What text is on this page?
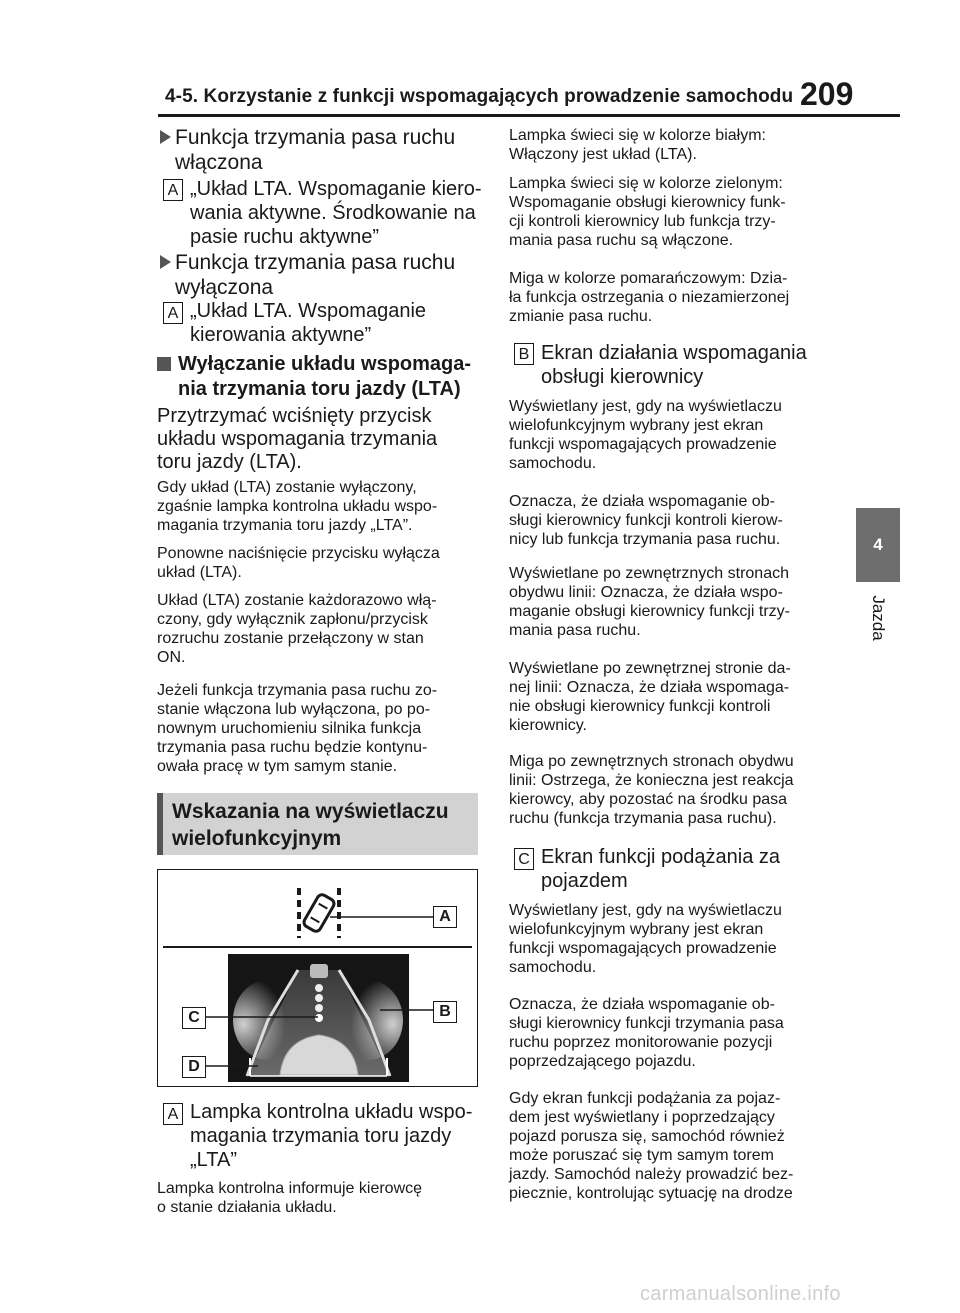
4-5. Korzystanie z funkcji wspomagających prowadzenie samochodu 209
4
Jazda
Funkcja trzymania pasa ruchu
włączona
A „Układ LTA. Wspomaganie kiero-
wania aktywne. Środkowanie na
pasie ruchu aktywne”
Funkcja trzymania pasa ruchu
wyłączona
A „Układ LTA. Wspomaganie
kierowania aktywne”
Wyłączanie układu wspomaga-
nia trzymania toru jazdy (LTA)
Przytrzymać wciśnięty przycisk
układu wspomagania trzymania
toru jazdy (LTA).
Gdy układ (LTA) zostanie wyłączony,
zgaśnie lampka kontrolna układu wspo-
magania trzymania toru jazdy „LTA”.
Ponowne naciśnięcie przycisku wyłącza
układ (LTA).
Układ (LTA) zostanie każdorazowo włą-
czony, gdy wyłącznik zapłonu/przycisk
rozruchu zostanie przełączony w stan
ON.
Jeżeli funkcja trzymania pasa ruchu zo-
stanie włączona lub wyłączona, po po-
nownym uruchomieniu silnika funkcja
trzymania pasa ruchu będzie kontynu-
owała pracę w tym samym stanie.
Wskazania na wyświetlaczu
wielofunkcyjnym
A
B
C
D
A Lampka kontrolna układu wspo-
magania trzymania toru jazdy
„LTA”
Lampka kontrolna informuje kierowcę
o stanie działania układu.
Lampka świeci się w kolorze białym:
Włączony jest układ (LTA).
Lampka świeci się w kolorze zielonym:
Wspomaganie obsługi kierownicy funk-
cji kontroli kierownicy lub funkcja trzy-
mania pasa ruchu są włączone.
Miga w kolorze pomarańczowym: Dzia-
ła funkcja ostrzegania o niezamierzonej
zmianie pasa ruchu.
B Ekran działania wspomagania
obsługi kierownicy
Wyświetlany jest, gdy na wyświetlaczu
wielofunkcyjnym wybrany jest ekran
funkcji wspomagających prowadzenie
samochodu.
Oznacza, że działa wspomaganie ob-
sługi kierownicy funkcji kontroli kierow-
nicy lub funkcja trzymania pasa ruchu.
Wyświetlane po zewnętrznych stronach
obydwu linii: Oznacza, że działa wspo-
maganie obsługi kierownicy funkcji trzy-
mania pasa ruchu.
Wyświetlane po zewnętrznej stronie da-
nej linii: Oznacza, że działa wspomaga-
nie obsługi kierownicy funkcji kontroli
kierownicy.
Miga po zewnętrznych stronach obydwu
linii: Ostrzega, że konieczna jest reakcja
kierowcy, aby pozostać na środku pasa
ruchu (funkcja trzymania pasa ruchu).
C Ekran funkcji podążania za
pojazdem
Wyświetlany jest, gdy na wyświetlaczu
wielofunkcyjnym wybrany jest ekran
funkcji wspomagających prowadzenie
samochodu.
Oznacza, że działa wspomaganie ob-
sługi kierownicy funkcji trzymania pasa
ruchu poprzez monitorowanie pozycji
poprzedzającego pojazdu.
Gdy ekran funkcji podążania za pojaz-
dem jest wyświetlany i poprzedzający
pojazd porusza się, samochód również
może poruszać się tym samym torem
jazdy. Samochód należy prowadzić bez-
piecznie, kontrolując sytuację na drodze
carmanualsonline.info
